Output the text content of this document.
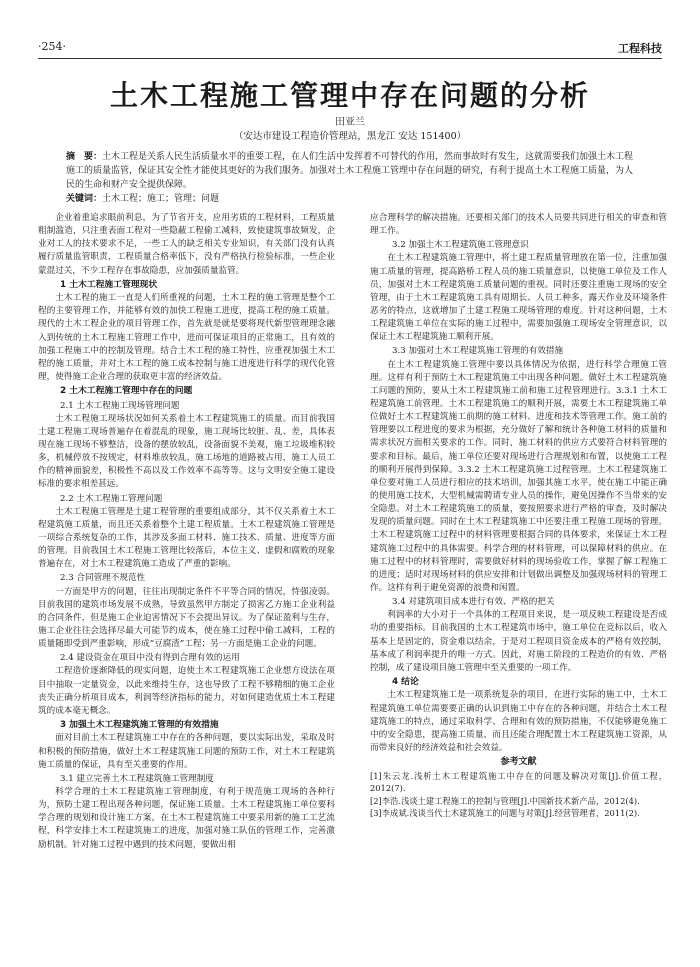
·254·	工程科技
土木工程施工管理中存在问题的分析
田亚兰
（安达市建设工程造价管理站，黑龙江 安达 151400）
摘　要：土木工程是关系人民生活质量水平的重要工程，在人们生活中发挥着不可替代的作用，然而事故时有发生，这就需要我们加强土木工程施工的质量监管，保证其安全性才能使其更好的为我们服务。加强对土木工程施工管理中存在问题的研究，有利于提高土木工程施工质量，为人民的生命和财产安全提供保障。
关键词：土木工程；施工；管理；问题

企业着重追求眼前利息，为了节省开支，应用劣质的工程材料，工程质量粗制滥造，只注重表面工程对一些隐蔽工程偷工减料，致使建筑事故频发，企业对工人的技术要求不足，一些工人的缺乏相关专业知识，有关部门没有认真履行质量监管职责，工程质量合格率低下，没有严格执行检验标准，一些企业蒙混过关，不少工程存在事故隐患，应加强质量监管。

1 土木工程施工管理现状

土木工程的施工一直是人们所重视的问题，土木工程的施工管理是整个工程的主要管理工作，并能够有效的加快工程施工进度，提高工程的施工质量。现代的土木工程企业的项目管理工作，首先就是就是要将现代新型管理理念融入到传统的土木工程施工管理工作中，进而可保证项目的正常施工，且有效的加强工程施工中的控制及管理。结合土木工程的施工特性，应重视加强土木工程的施工质量，并对土木工程的施工成本控制与施工进度进行科学的现代化管理，使得施工企业合理的获取更丰富的经济效益。

2 土木工程施工管理中存在的问题
2.1 土木工程施工现场管理问题

土木工程施工现场状况如何关系着土木工程建筑施工的质量。而目前我国土建工程施工现场普遍存在着混乱的现象，施工现场比较脏、乱、差，具体表现在施工现场不够整洁，设备的摆放较乱，设备面貌不美观，施工垃圾堆积较多，机械停放不按规定，材料堆放较乱，施工场地的道路被占用，施工人员工作的精神面貌差，积极性不高以及工作效率不高等等。这与文明安全施工建设标准的要求相差甚远。

2.2 土木工程施工管理问题

土木工程施工管理是土建工程管理的重要组成部分，其不仅关系着土木工程建筑施工质量，而且还关系着整个土建工程质量。土木工程建筑施工管理是一项综合系统复杂的工作，其涉及多面工材料、施工技术、质量、进度等方面的管理。目前我国土木工程施工管理比较落后，本位主义、虚假和腐败的现象普遍存在，对土木工程建筑施工造成了严重的影响。

2.3 合同管理不规范性

一方面是甲方的问题，往往出现制定条件不平等合同的情况，恃强凌弱。目前我国的建筑市场发展不成熟，导致虽然甲方制定了损害乙方施工企业利益的合同条件，但是施工企业迫害情况下不会提出异议。为了保证盈利与生存，施工企业往往会选择尽最大可能节约成本，使在施工过程中偷工减料，工程的质量随即受到严重影响，形成“豆腐渣”工程；另一方面是施工企业的问题。

2.4 建设资金在项目中没有得到合理有效的运用

工程造价逐渐降低的现实问题，迫使土木工程建筑施工企业想方设法在项目中抽取一定量资金，以此来维持生存，这也导致了工程不够精细的施工企业丧失正确分析项目成本，利润等经济指标的能力，对如何建造优质土木工程建筑的成本毫无概念。

3 加强土木工程建筑施工管理的有效措施

面对目前土木工程建筑施工中存在的各种问题，要以实际出发，采取及时和积极的预防措施，做好土木工程建筑施工问题的预防工作，对土木工程建筑施工质量的保证，具有至关重要的作用。

3.1 建立完善土木工程建筑施工管理制度

科学合理的土木工程建筑施工管理制度，有利于规范施工现场的各种行为，预防土建工程出现各种问题，保证施工质量。土木工程建筑施工单位要科学合理的规划和设计施工方案，在土木工程建筑施工中要采用新的施工工艺流程，科学安排土木工程建筑施工的进度，加强对施工队伍的管理工作，完善激励机制。针对施工过程中遇到的技术问题，要做出相

应合理科学的解决措施。还要相关部门的技术人员要共同进行相关的审查和管理工作。

3.2 加强土木工程建筑施工管理意识

在土木工程建筑施工管理中，将土建工程质量管理放在第一位，注重加强施工质量的管理，提高路桥工程人员的施工质量意识，以使施工单位及工作人员，加强对土木工程建筑施工质量问题的重视。同时还要注重施工现场的安全管理，由于土木工程建筑施工具有周期长、人员工种多，露天作业及环境条件恶劣的特点，这就增加了土建工程施工现场管理的难度。针对这种问题，土木工程建筑施工单位在实际的施工过程中，需要加强施工现场安全管理意识，以保证土木工程建筑施工顺利开展。

3.3 加强对土木工程建筑施工管理的有效措施

在土木工程建筑施工管理中要以具体情况为依据，进行科学合理施工管理。这样有利于预防土木工程建筑施工中出现各种问题。做好土木工程建筑施工问题的预防，要从土木工程建筑施工前和施工过程管理进行。3.3.1 土木工程建筑施工前管理。土木工程建筑施工的顺利开展，需要土木工程建筑施工单位做好土木工程建筑施工前期的施工材料、进度和技术等管理工作。施工前的管理要以工程进度的要求为根据，充分做好了解和统计各种施工材料的质量和需求状况方面相关要求的工作。同时，施工材料的供应方式要符合材料管理的要求和目标。最后，施工单位还要对现场进行合理规划和布置，以使施工工程的顺利开展得到保障。3.3.2 土木工程建筑施工过程管理。土木工程建筑施工单位要对施工人员进行相应的技术培训，加强其施工水平，使在施工中能正确的使用施工技术，大型机械需聘请专业人员的操作，避免因操作不当带来的安全隐患。对土木工程建筑施工的质量，要按照要求进行严格的审查，及时解决发现的质量问题。同时在土木工程建筑施工中还要注重工程施工现场的管理。土木工程建筑施工过程中的材料管理要根据合同的具体要求，来保证土木工程建筑施工过程中的具体需要。科学合理的材料管理，可以保障材料的供应。在施工过程中的材料管理时，需要做好材料的现场验收工作，掌握了解工程施工的进度；适时对现场材料的供应安排和计划做出调整及加强现场材料的管理工作。这样有利于避免资源的浪费和闲置。

3.4 对建筑项目成本进行有效、严格的把关

利润率的大小对于一个具体的工程项目来说，是一项反映工程建设是否成功的重要指标。目前我国的土木工程建筑市场中，施工单位在竞标以后，收入基本上是固定的，资金难以结余，于是对工程项目资金成本的严格有效控制，基本成了利润率提升的唯一方式。因此，对施工阶段的工程造价的有效、严格控制，成了建设项目施工管理中至关重要的一项工作。

4 结论

土木工程建筑施工是一项系统复杂的项目，在进行实际的施工中，土木工程建筑施工单位需要要正确的认识到施工中存在的各种问题，并结合土木工程建筑施工的特点，通过采取科学、合理和有效的预防措施，不仅能够避免施工中的安全隐患，提高施工质量，而且还能合理配置土木工程建筑施工资源，从而带来良好的经济效益和社会效益。

参考文献

[1]朱云龙.浅析土木工程建筑施工中存在的问题及解决对策[J].价值工程，2012(7).

[2]李浩.浅谈土建工程施工的控制与管理[J].中国新技术新产品，2012(4).

[3]李成斌.浅谈当代土木建筑施工的问题与对策[J].经营管理者，2011(2).
